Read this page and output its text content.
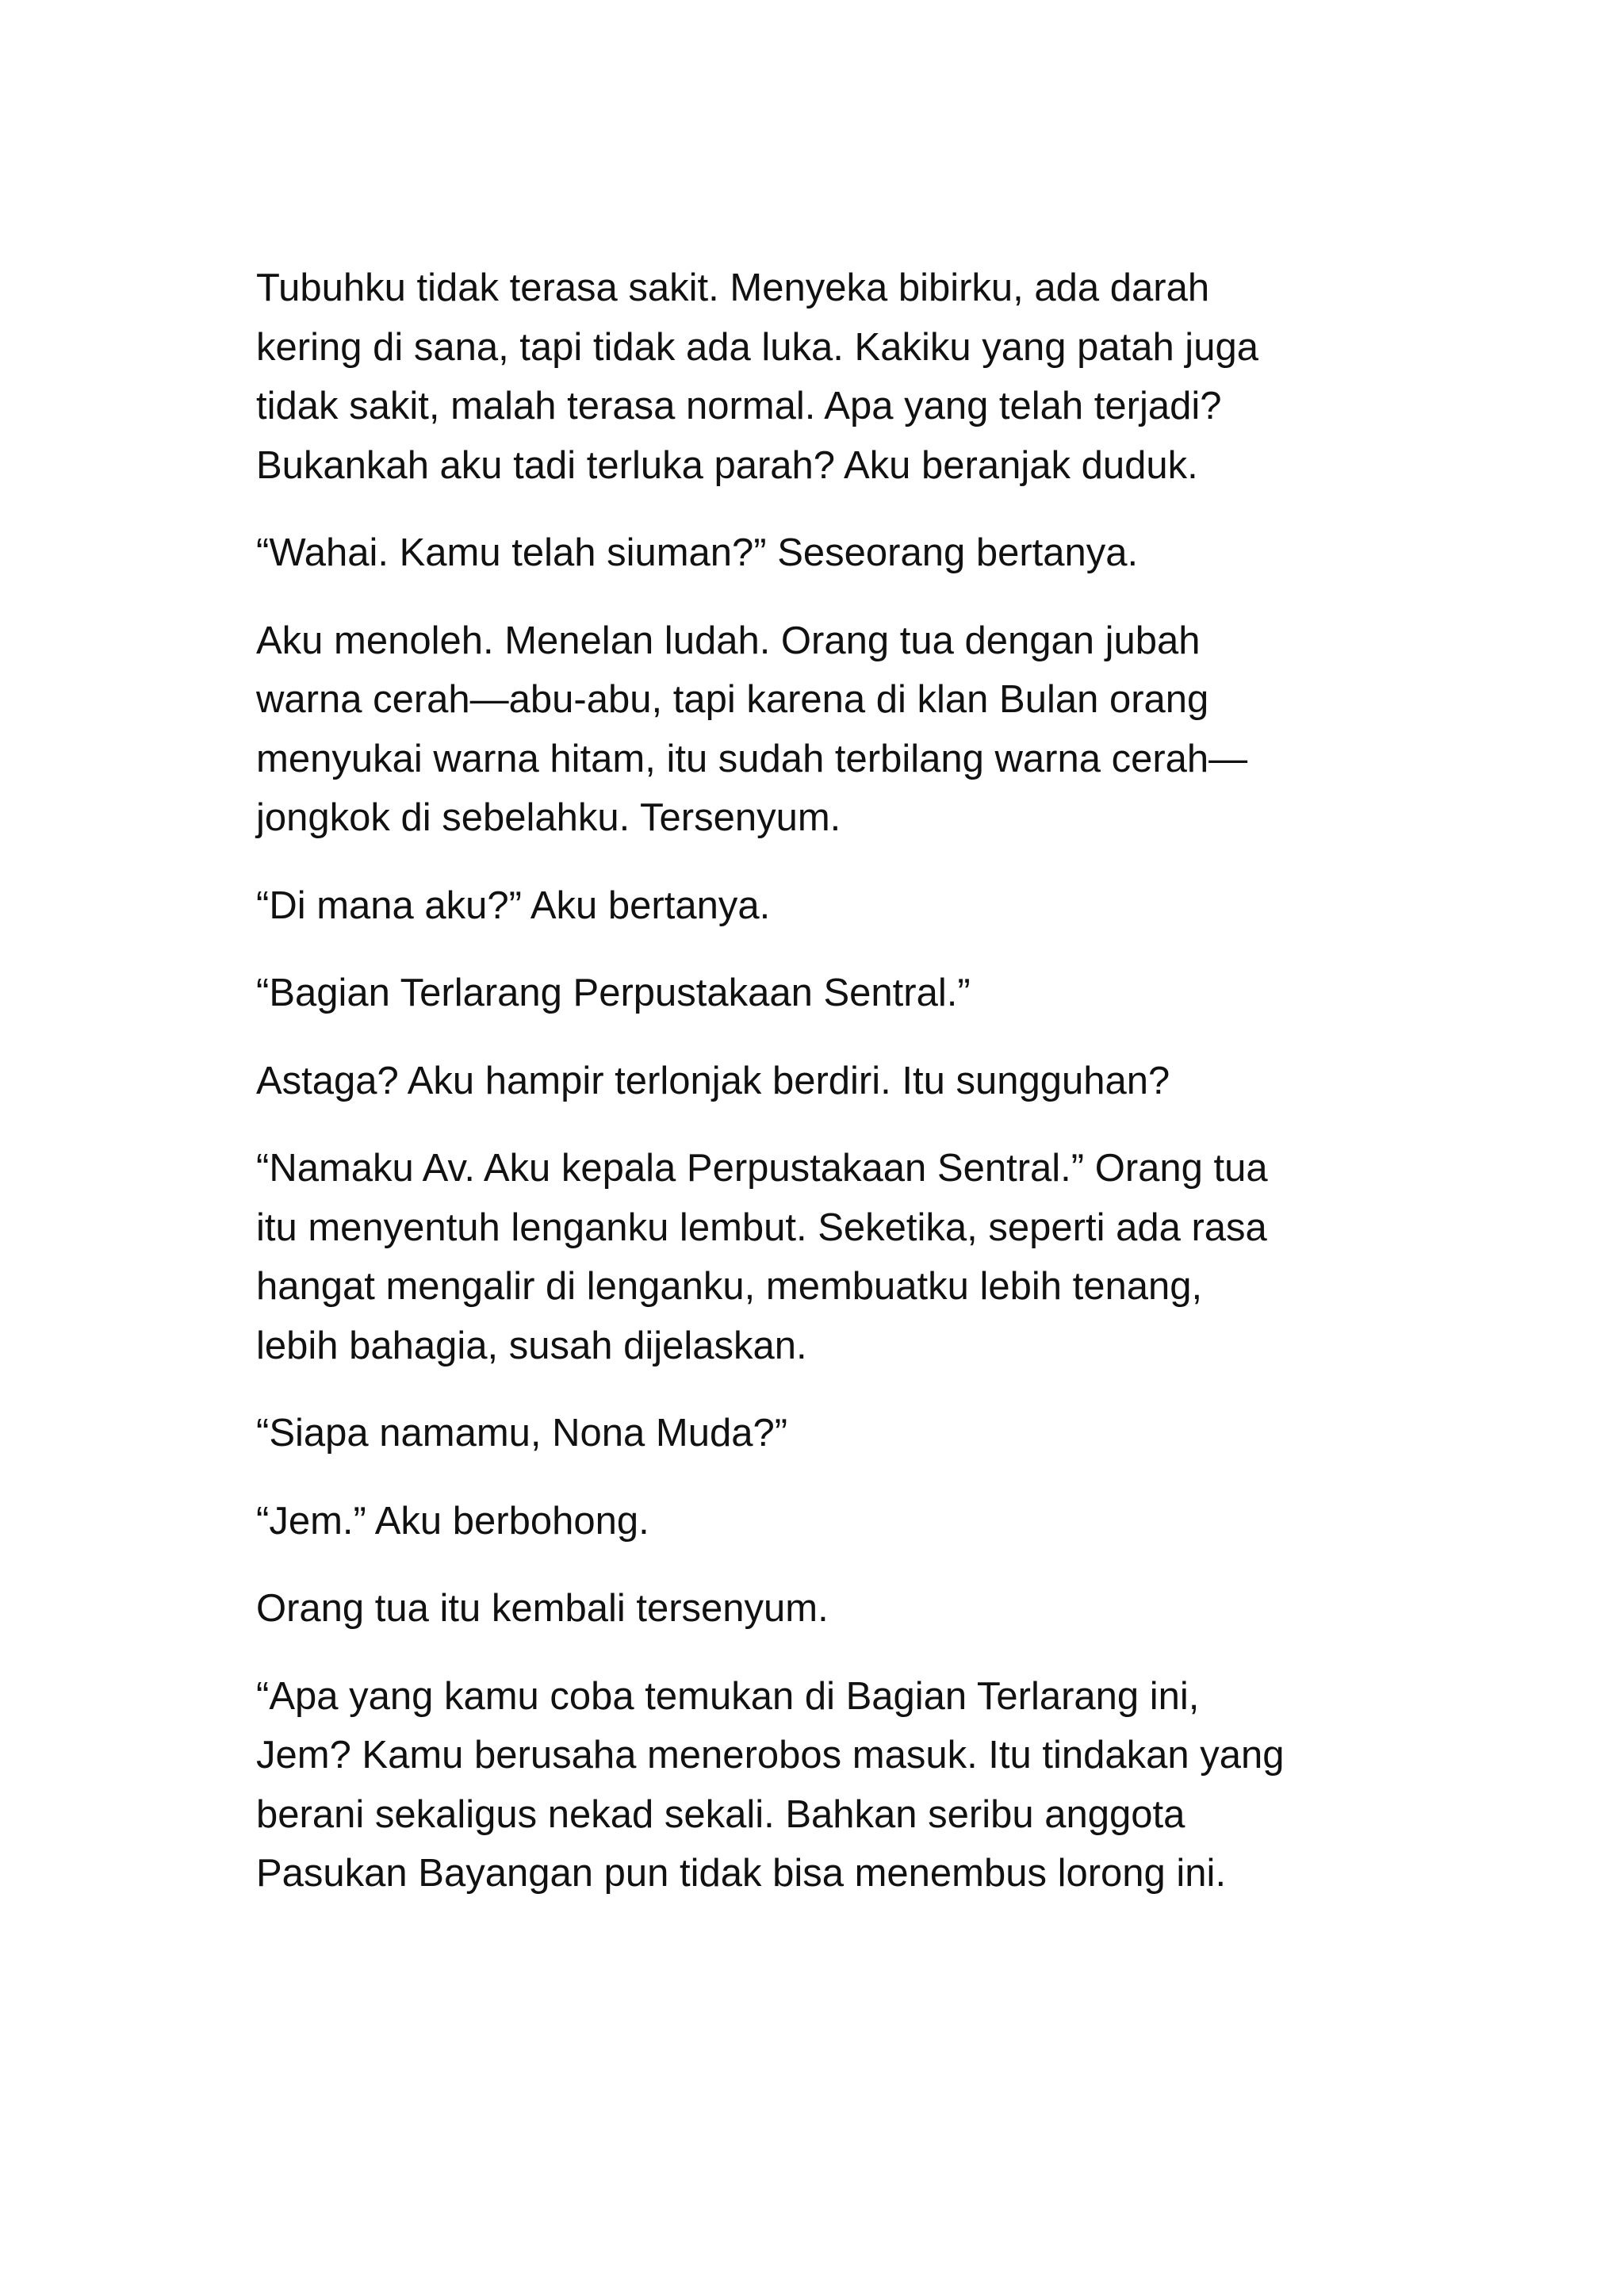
Tubuhku tidak terasa sakit. Menyeka bibirku, ada darah
kering di sana, tapi tidak ada luka. Kakiku yang patah juga
tidak sakit, malah terasa normal. Apa yang telah terjadi?
Bukankah aku tadi terluka parah? Aku beranjak duduk.

“Wahai. Kamu telah siuman?” Seseorang bertanya.

Aku menoleh. Menelan ludah. Orang tua dengan jubah
warna cerah—abu-abu, tapi karena di klan Bulan orang
menyukai warna hitam, itu sudah terbilang warna cerah—
jongkok di sebelahku. Tersenyum.

“Di mana aku?” Aku bertanya.

“Bagian Terlarang Perpustakaan Sentral.”

Astaga? Aku hampir terlonjak berdiri. Itu sungguhan?

“Namaku Av. Aku kepala Perpustakaan Sentral.” Orang tua
itu menyentuh lenganku lembut. Seketika, seperti ada rasa
hangat mengalir di lenganku, membuatku lebih tenang,
lebih bahagia, susah dijelaskan.

“Siapa namamu, Nona Muda?”

“Jem.” Aku berbohong.

Orang tua itu kembali tersenyum.

“Apa yang kamu coba temukan di Bagian Terlarang ini,
Jem? Kamu berusaha menerobos masuk. Itu tindakan yang
berani sekaligus nekad sekali. Bahkan seribu anggota
Pasukan Bayangan pun tidak bisa menembus lorong ini.
